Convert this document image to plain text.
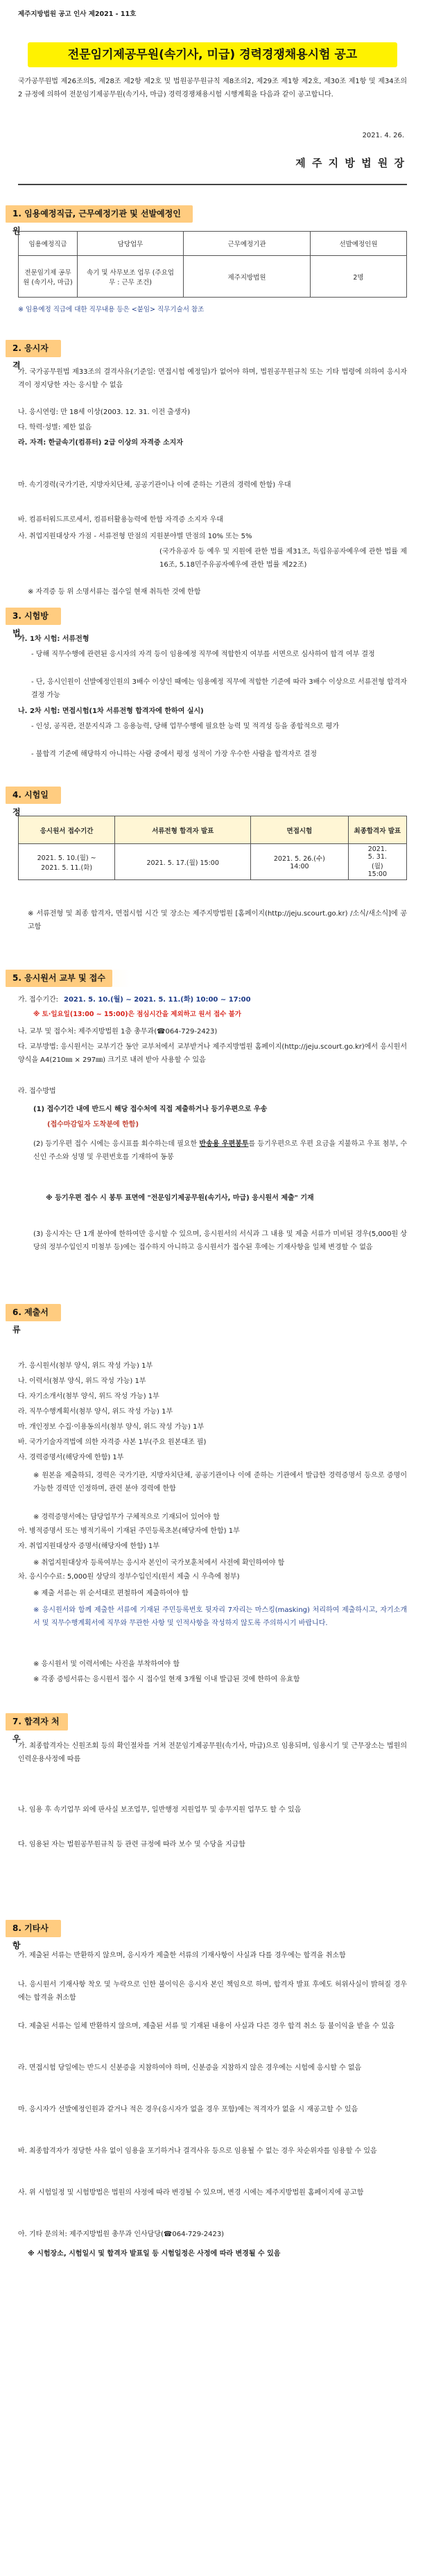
제주지방법원 공고 인사 제2021 - 11호
전문임기제공무원(속기사, 미급) 경력경쟁채용시험 공고
국가공무원법 제26조의5, 제28조 제2항 제2호 및 법원공무원규칙 제8조의2, 제29조 제1항 제2호, 제30조 제1항 및 제34조의2 규정에 의하여 전문임기제공무원(속기사, 마급) 경력경쟁채용시험 시행계획을 다음과 같이 공고합니다.
2021. 4. 26.
제 주 지 방 법 원 장
1. 임용예정직급, 근무예정기관 및 선발예정인원
임용예정직급	담당업무	근무예정기관	선발예정인원
전문임기제 공무원 (속기사, 마급)	속기 및 사무보조 업무 (주요업무 : 근무 조건)	제주지방법원	2명
※ 임용예정 직급에 대한 직무내용 등은 <붙임> 직무기술서 참조
2. 응시자격
가. 국가공무원법 제33조의 결격사유(기준일: 면접시험 예정일)가 없어야 하며, 법원공무원규칙 또는 기타 법령에 의하여 응시자격이 정지당한 자는 응시할 수 없음
나. 응시연령: 만 18세 이상(2003. 12. 31. 이전 출생자)
다. 학력·성별: 제한 없음
라. 자격: 한글속기(컴퓨터) 2급 이상의 자격증 소지자
마. 속기경력(국가기관, 지방자치단체, 공공기관이나 이에 준하는 기관의 경력에 한함) 우대
바. 컴퓨터워드프로세서, 컴퓨터활용능력에 한함 자격증 소지자 우대
사. 취업지원대상자 가점 - 서류전형 만점의 지원분야별 만점의 10% 또는 5%
(국가유공자 등 예우 및 지원에 관한 법률 제31조, 독립유공자예우에 관한 법률 제16조, 5.18민주유공자예우에 관한 법률 제22조)
※ 자격증 등 위 소명서류는 접수일 현재 취득한 것에 한함
3. 시험방법
가. 1차 시험: 서류전형
- 당해 직무수행에 관련된 응시자의 자격 등이 임용예정 직무에 적합한지 여부를 서면으로 심사하여 합격 여부 결정
- 단, 응시인원이 선발예정인원의 3배수 이상인 때에는 임용예정 직무에 적합한 기준에 따라 3배수 이상으로 서류전형 합격자 결정 가능
나. 2차 시험: 면접시험(1차 서류전형 합격자에 한하여 실시)
- 인성, 공직관, 전문지식과 그 응용능력, 당해 업무수행에 필요한 능력 및 적격성 등을 종합적으로 평가
- 불합격 기준에 해당하지 아니하는 사람 중에서 평정 성적이 가장 우수한 사람을 합격자로 결정
4. 시험일정
응시원서 접수기간	서류전형 합격자 발표	면접시험	최종합격자 발표
2021. 5. 10.(월) ~ 2021. 5. 11.(화)	2021. 5. 17.(월) 15:00	2021. 5. 26.(수) 14:00	2021. 5. 31.(월) 15:00
※ 서류전형 및 최종 합격자, 면접시험 시간 및 장소는 제주지방법원 [홈페이지(http://jeju.scourt.go.kr) /소식/새소식]에 공고함
5. 응시원서 교부 및 접수
가. 접수기간: 2021. 5. 10.(월) ~ 2021. 5. 11.(화) 10:00 ~ 17:00
※ 토·일요일(13:00 ~ 15:00)은 점심시간을 제외하고 원서 접수 불가
나. 교부 및 접수처: 제주지방법원 1층 총무과(☎064-729-2423)
다. 교부방법: 응시원서는 교부기간 동안 교부처에서 교부받거나 제주지방법원 홈페이지(http://jeju.scourt.go.kr)에서 응시원서 양식을 A4(210㎜ × 297㎜) 크기로 내려 받아 사용할 수 있음
라. 접수방법
(1) 접수기간 내에 반드시 해당 접수처에 직접 제출하거나 등기우편으로 우송
(접수마감일자 도착분에 한함)
(2) 등기우편 접수 시에는 응시표를 회수하는데 필요한 반송용 우편봉투를 등기우편으로 우편 요금을 지불하고 우표 첨부, 수신인 주소와 성명 및 우편번호를 기재하여 동봉
※ 등기우편 접수 시 봉투 표면에 "전문임기제공무원(속기사, 마급) 응시원서 제출" 기재
(3) 응시자는 단 1개 분야에 한하여만 응시할 수 있으며, 응시원서의 서식과 그 내용 및 제출 서류가 미비된 경우(5,000원 상당의 정부수입인지 미첨부 등)에는 접수하지 아니하고 응시원서가 접수된 후에는 기재사항을 일체 변경할 수 없음
6. 제출서류
가. 응시원서(첨부 양식, 위드 작성 가능) 1부
나. 이력서(첨부 양식, 위드 작성 가능) 1부
다. 자기소개서(첨부 양식, 위드 작성 가능) 1부
라. 직무수행계획서(첨부 양식, 위드 작성 가능) 1부
마. 개인정보 수집·이용동의서(첨부 양식, 위드 작성 가능) 1부
바. 국가기술자격법에 의한 자격증 사본 1부(주요 원본대조 필)
사. 경력증명서(해당자에 한함) 1부
※ 원본을 제출하되, 경력은 국가기관, 지방자치단체, 공공기관이나 이에 준하는 기관에서 발급한 경력증명서 등으로 증명이 가능한 경력만 인정하며, 관련 분야 경력에 한함
※ 경력증명서에는 담당업무가 구체적으로 기재되어 있어야 함
아. 병적증명서 또는 병적기록이 기재된 주민등록초본(해당자에 한함) 1부
자. 취업지원대상자 증명서(해당자에 한함) 1부
※ 취업지원대상자 등록여부는 응시자 본인이 국가보훈처에서 사전에 확인하여야 함
차. 응시수수료: 5,000원 상당의 정부수입인지(원서 제출 시 우측에 첨부)
※ 제출 서류는 위 순서대로 편철하여 제출하여야 함
※ 응시원서와 함께 제출한 서류에 기재된 주민등록번호 뒷자리 7자리는 마스킹(masking) 처리하여 제출하시고, 자기소개서 및 직무수행계획서에 직무와 무관한 사항 및 인적사항을 작성하지 않도록 주의하시기 바랍니다.
※ 응시원서 및 이력서에는 사진을 부착하여야 함
※ 각종 증빙서류는 응시원서 접수 시 접수일 현재 3개월 이내 발급된 것에 한하여 유효함
7. 합격자 처우
가. 최종합격자는 신원조회 등의 확인절차를 거쳐 전문임기제공무원(속기사, 마급)으로 임용되며, 임용시기 및 근무장소는 법원의 인력운용사정에 따름
나. 임용 후 속기업무 외에 판사실 보조업무, 일반행정 지원업무 및 송무지원 업무도 할 수 있음
다. 임용된 자는 법원공무원규칙 등 관련 규정에 따라 보수 및 수당을 지급함
8. 기타사항
가. 제출된 서류는 반환하지 않으며, 응시자가 제출한 서류의 기재사항이 사실과 다를 경우에는 합격을 취소함
나. 응시원서 기재사항 착오 및 누락으로 인한 불이익은 응시자 본인 책임으로 하며, 합격자 발표 후에도 허위사실이 밝혀질 경우에는 합격을 취소함
다. 제출된 서류는 일체 반환하지 않으며, 제출된 서류 및 기재된 내용이 사실과 다른 경우 합격 취소 등 불이익을 받을 수 있음
라. 면접시험 당일에는 반드시 신분증을 지참하여야 하며, 신분증을 지참하지 않은 경우에는 시험에 응시할 수 없음
마. 응시자가 선발예정인원과 같거나 적은 경우(응시자가 없을 경우 포함)에는 적격자가 없을 시 재공고할 수 있음
바. 최종합격자가 정당한 사유 없이 임용을 포기하거나 결격사유 등으로 임용될 수 없는 경우 차순위자를 임용할 수 있음
사. 위 시험일정 및 시험방법은 법원의 사정에 따라 변경될 수 있으며, 변경 시에는 제주지방법원 홈페이지에 공고함
아. 기타 문의처: 제주지방법원 총무과 인사담당(☎064-729-2423)
※ 시험장소, 시험일시 및 합격자 발표일 등 시험일정은 사정에 따라 변경될 수 있음
